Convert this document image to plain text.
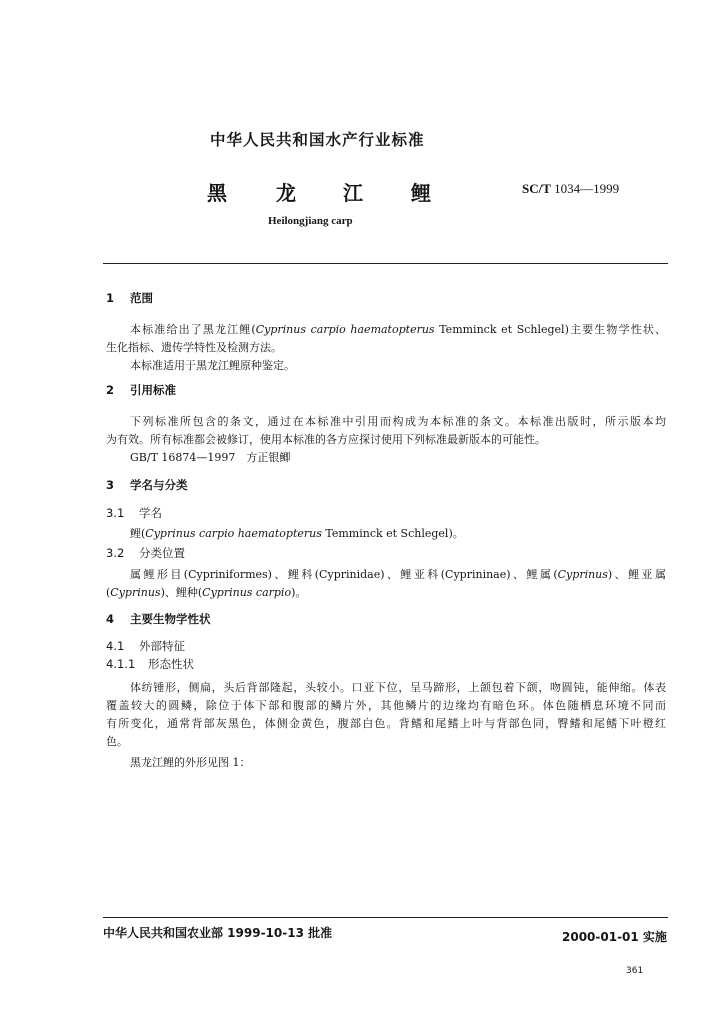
中华人民共和国水产行业标准
黑 龙 江 鲤	SC/T 1034—1999
Heilongjiang carp
1 范围
本标准给出了黑龙江鲤(Cyprinus carpio haematopterus Temminck et Schlegel)主要生物学性状、
生化指标、遗传学特性及检测方法。
本标准适用于黑龙江鲤原种鉴定。
2 引用标准
下列标准所包含的条文，通过在本标准中引用而构成为本标准的条文。本标准出版时，所示版本均
为有效。所有标准都会被修订，使用本标准的各方应探讨使用下列标准最新版本的可能性。
GB/T 16874—1997　方正银鲫
3 学名与分类
3.1 学名
鲤(Cyprinus carpio haematopterus Temminck et Schlegel)。
3.2 分类位置
属鲤形目(Cypriniformes)、鲤科(Cyprinidae)、鲤亚科(Cyprininae)、鲤属(Cyprinus)、鲤亚属
(Cyprinus)、鲤种(Cyprinus carpio)。
4 主要生物学性状
4.1 外部特征
4.1.1 形态性状
体纺锤形，侧扁，头后背部隆起，头较小。口亚下位，呈马蹄形，上颌包着下颌，吻圆钝，能伸缩。体表
覆盖较大的圆鳞，除位于体下部和腹部的鳞片外，其他鳞片的边缘均有暗色环。体色随栖息环境不同而
有所变化，通常背部灰黑色，体侧金黄色，腹部白色。背鳍和尾鳍上叶与背部色同，臀鳍和尾鳍下叶橙红
色。
黑龙江鲤的外形见图 1：
中华人民共和国农业部 1999-10-13 批准	2000-01-01 实施
361
